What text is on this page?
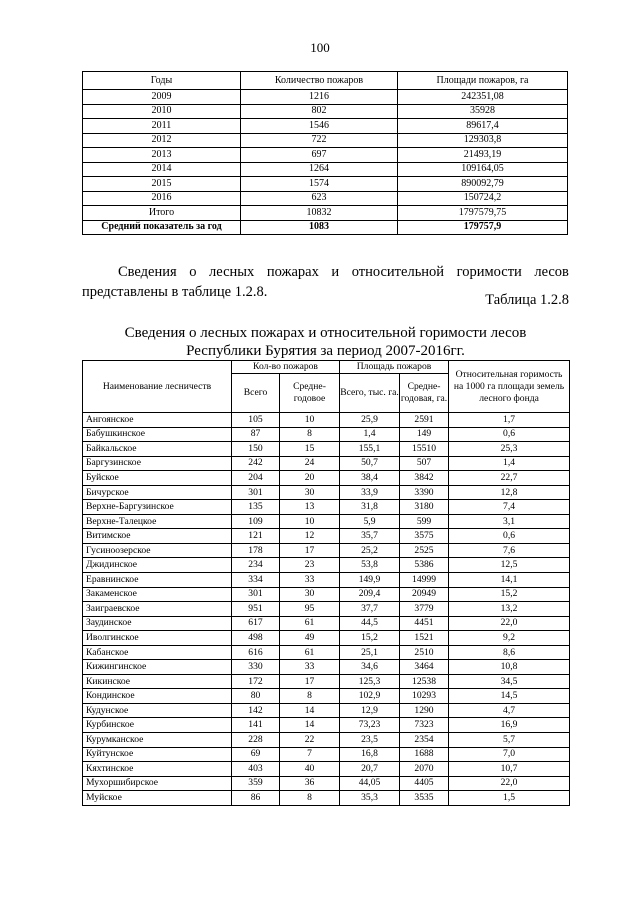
100
Годы	Количество пожаров	Площади пожаров, га
2009	1216	242351,08
2010	802	35928
2011	1546	89617,4
2012	722	129303,8
2013	697	21493,19
2014	1264	109164,05
2015	1574	890092,79
2016	623	150724,2
Итого	10832	1797579,75
Средний показатель за год	1083	179757,9
Сведения о лесных пожарах и относительной горимости лесов
представлены в таблице 1.2.8.	Таблица 1.2.8
Сведения о лесных пожарах и относительной горимости лесов
Республики Бурятия за период 2007-2016гг.
Наименование лесничеств	Кол-во пожаров		Площадь пожаров		Относительная горимость на 1000 га площади земель лесного фонда
	Всего	Средне-годовое	Всего, тыс. га.	Средне-годовая, га.	
Ангоянское	105	10	25,9	2591	1,7
Бабушкинское	87	8	1,4	149	0,6
Байкальское	150	15	155,1	15510	25,3
Баргузинское	242	24	50,7	507	1,4
Буйское	204	20	38,4	3842	22,7
Бичурское	301	30	33,9	3390	12,8
Верхне-Баргузинское	135	13	31,8	3180	7,4
Верхне-Талецкое	109	10	5,9	599	3,1
Витимское	121	12	35,7	3575	0,6
Гусиноозерское	178	17	25,2	2525	7,6
Джидинское	234	23	53,8	5386	12,5
Еравнинское	334	33	149,9	14999	14,1
Закаменское	301	30	209,4	20949	15,2
Заиграевское	951	95	37,7	3779	13,2
Заудинское	617	61	44,5	4451	22,0
Иволгинское	498	49	15,2	1521	9,2
Кабанское	616	61	25,1	2510	8,6
Кижингинское	330	33	34,6	3464	10,8
Кикинское	172	17	125,3	12538	34,5
Кондинское	80	8	102,9	10293	14,5
Кудунское	142	14	12,9	1290	4,7
Курбинское	141	14	73,23	7323	16,9
Курумканское	228	22	23,5	2354	5,7
Куйтунское	69	7	16,8	1688	7,0
Кяхтинское	403	40	20,7	2070	10,7
Мухоршибирское	359	36	44,05	4405	22,0
Муйское	86	8	35,3	3535	1,5
